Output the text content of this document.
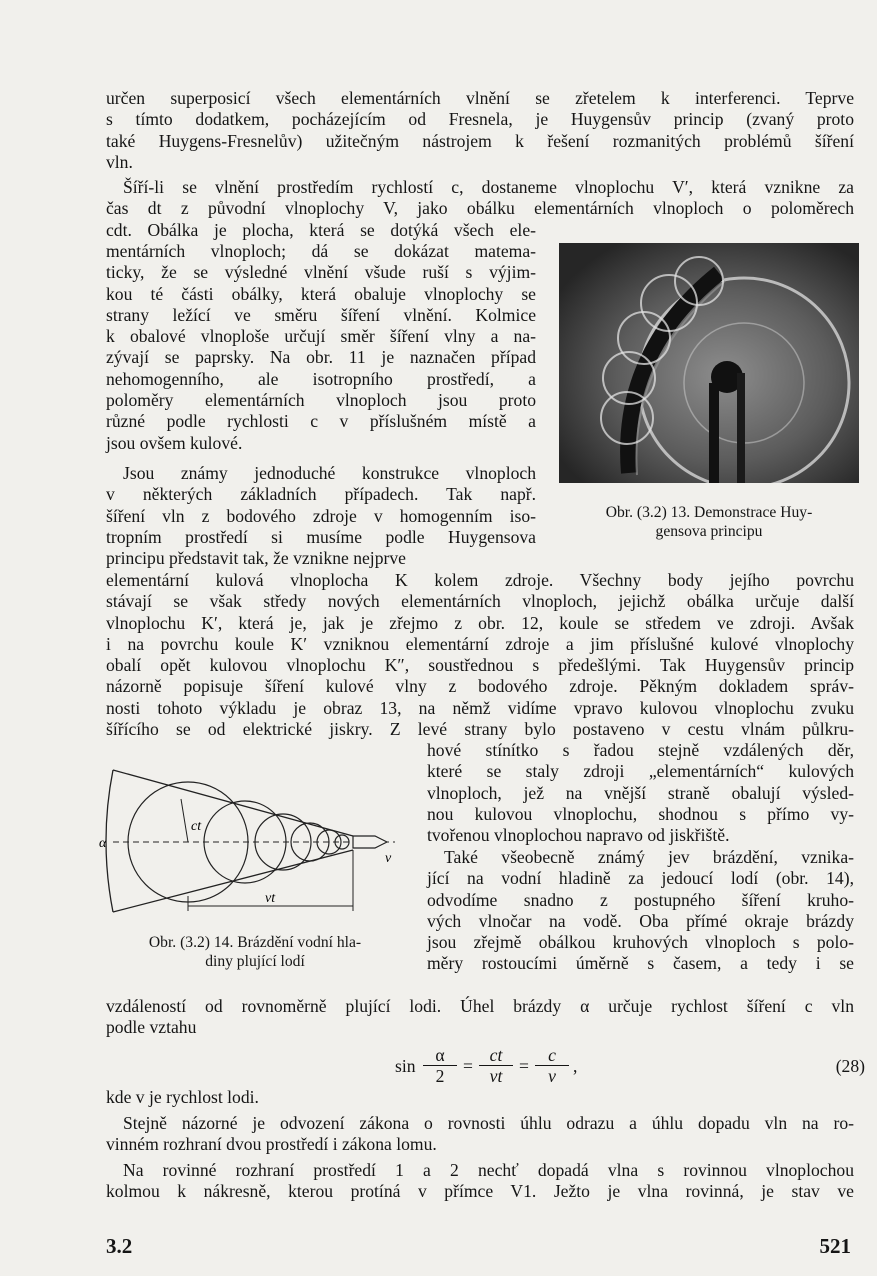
určen superposicí všech elementárních vlnění se zřetelem k interferenci. Teprve
s tímto dodatkem, pocházejícím od Fresnela, je Huygensův princip (zvaný proto
také Huygens-Fresnelův) užitečným nástrojem k řešení rozmanitých problémů šíření
vln.
Šíří-li se vlnění prostředím rychlostí c, dostaneme vlnoplochu V′, která vznikne za
čas dt z původní vlnoplochy V, jako obálku elementárních vlnoploch o poloměrech
cdt. Obálka je plocha, která se dotýká všech ele-
mentárních vlnoploch; dá se dokázat matema-
ticky, že se výsledné vlnění všude ruší s výjim-
kou té části obálky, která obaluje vlnoplochy se
strany ležící ve směru šíření vlnění. Kolmice
k obalové vlnoploše určují směr šíření vlny a na-
zývají se paprsky. Na obr. 11 je naznačen případ
nehomogenního, ale isotropního prostředí, a
poloměry elementárních vlnoploch jsou proto
různé podle rychlosti c v příslušném místě a
jsou ovšem kulové.
Obr. (3.2) 13. Demonstrace Huy-
gensova principu
Jsou známy jednoduché konstrukce vlnoploch
v některých základních případech. Tak např.
šíření vln z bodového zdroje v homogenním iso-
tropním prostředí si musíme podle Huygensova
principu představit tak, že vznikne nejprve
elementární kulová vlnoplocha K kolem zdroje. Všechny body jejího povrchu
stávají se však středy nových elementárních vlnoploch, jejichž obálka určuje další
vlnoplochu K′, která je, jak je zřejmo z obr. 12, koule se středem ve zdroji. Avšak
i na povrchu koule K′ vzniknou elementární zdroje a jim příslušné kulové vlnoplochy
obalí opět kulovou vlnoplochu K″, soustřednou s předešlými. Tak Huygensův princip
názorně popisuje šíření kulové vlny z bodového zdroje. Pěkným dokladem správ-
nosti tohoto výkladu je obraz 13, na němž vidíme vpravo kulovou vlnoplochu zvuku
šířícího se od elektrické jiskry. Z levé strany bylo postaveno v cestu vlnám půlkru-
hové stínítko s řadou stejně vzdálených děr,
které se staly zdroji „elementárních“ kulových
vlnoploch, jež na vnější straně obalují výsled-
nou kulovou vlnoplochu, shodnou s přímo vy-
tvořenou vlnoplochou napravo od jiskřiště.
α
ct
vt
v
Obr. (3.2) 14. Brázdění vodní hla-
diny plující lodí
Také všeobecně známý jev brázdění, vznika-
jící na vodní hladině za jedoucí lodí (obr. 14),
odvodíme snadno z postupného šíření kruho-
vých vlnočar na vodě. Oba přímé okraje brázdy
jsou zřejmě obálkou kruhových vlnoploch s polo-
měry rostoucími úměrně s časem, a tedy i se
vzdáleností od rovnoměrně plující lodi. Úhel brázdy α určuje rychlost šíření c vln
podle vztahu
$\sin \frac{\alpha}{2} = \frac{ct}{vt} = \frac{c}{v}$ ,	(28)
kde v je rychlost lodi.
Stejně názorné je odvození zákona o rovnosti úhlu odrazu a úhlu dopadu vln na ro-
vinném rozhraní dvou prostředí i zákona lomu.
Na rovinné rozhraní prostředí 1 a 2 nechť dopadá vlna s rovinnou vlnoplochou
kolmou k nákresně, kterou protíná v přímce V1. Ježto je vlna rovinná, je stav ve
3.2	521
